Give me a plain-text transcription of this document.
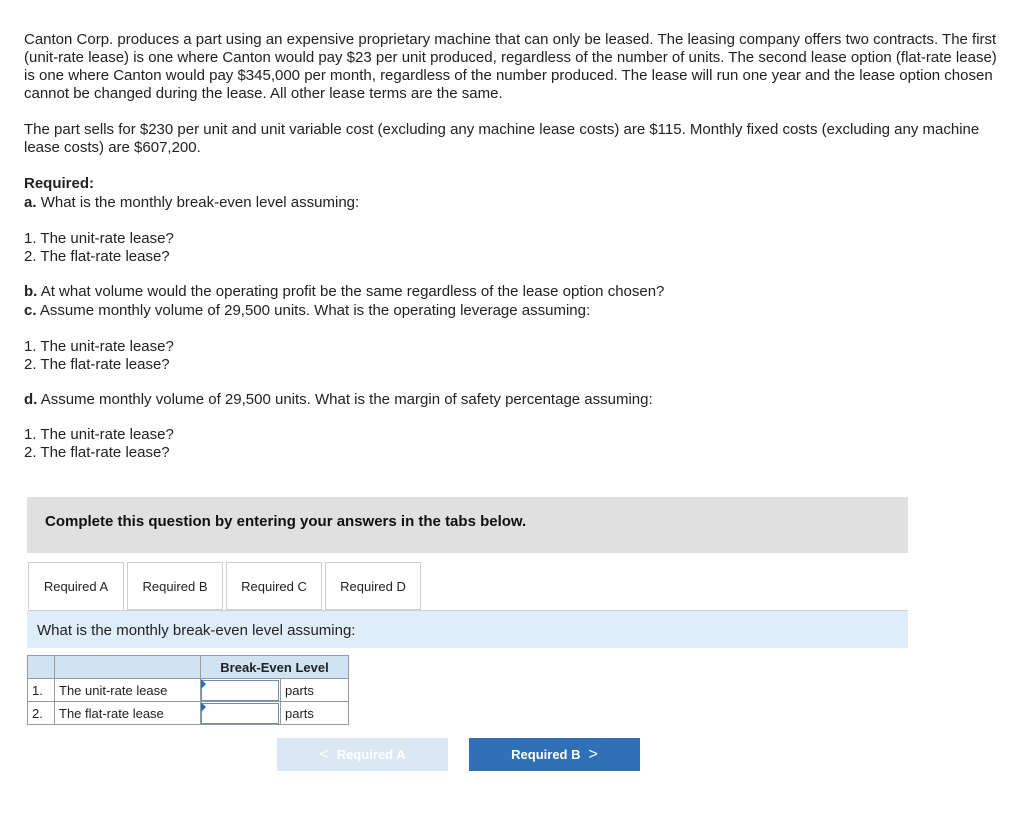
Canton Corp. produces a part using an expensive proprietary machine that can only be leased. The leasing company offers two contracts. The first (unit-rate lease) is one where Canton would pay $23 per unit produced, regardless of the number of units. The second lease option (flat-rate lease) is one where Canton would pay $345,000 per month, regardless of the number produced. The lease will run one year and the lease option chosen cannot be changed during the lease. All other lease terms are the same.

The part sells for $230 per unit and unit variable cost (excluding any machine lease costs) are $115. Monthly fixed costs (excluding any machine lease costs) are $607,200.

Required:

a. What is the monthly break-even level assuming:

1. The unit-rate lease?

2. The flat-rate lease?

b. At what volume would the operating profit be the same regardless of the lease option chosen?

c. Assume monthly volume of 29,500 units. What is the operating leverage assuming:

1. The unit-rate lease?

2. The flat-rate lease?

d. Assume monthly volume of 29,500 units. What is the margin of safety percentage assuming:

1. The unit-rate lease?

2. The flat-rate lease?

Complete this question by entering your answers in the tabs below.
Required A	Required B	Required C	Required D
What is the monthly break-even level assuming:
		Break-Even Level	
1.	The unit-rate lease		parts
2.	The flat-rate lease		parts
< Required A	Required B >
